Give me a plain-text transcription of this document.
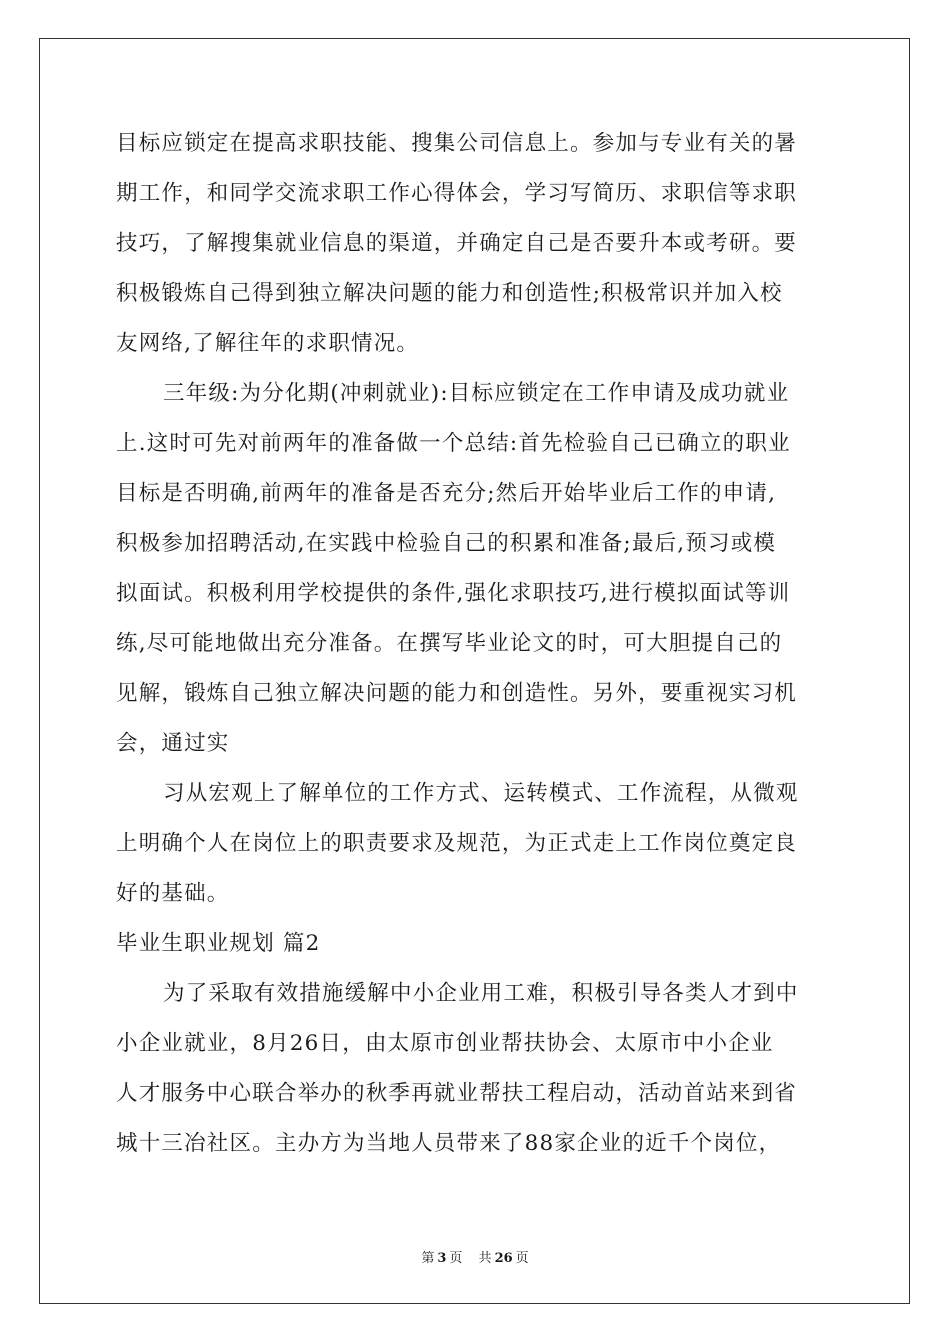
目标应锁定在提高求职技能、搜集公司信息上。参加与专业有关的暑
期工作，和同学交流求职工作心得体会，学习写简历、求职信等求职
技巧，了解搜集就业信息的渠道，并确定自己是否要升本或考研。要
积极锻炼自己得到独立解决问题的能力和创造性;积极常识并加入校
友网络,了解往年的求职情况。
三年级:为分化期(冲刺就业):目标应锁定在工作申请及成功就业
上.这时可先对前两年的准备做一个总结:首先检验自己已确立的职业
目标是否明确,前两年的准备是否充分;然后开始毕业后工作的申请,
积极参加招聘活动,在实践中检验自己的积累和准备;最后,预习或模
拟面试。积极利用学校提供的条件,强化求职技巧,进行模拟面试等训
练,尽可能地做出充分准备。在撰写毕业论文的时，可大胆提自己的
见解，锻炼自己独立解决问题的能力和创造性。另外，要重视实习机
会，通过实
习从宏观上了解单位的工作方式、运转模式、工作流程，从微观
上明确个人在岗位上的职责要求及规范，为正式走上工作岗位奠定良
好的基础。
毕业生职业规划 篇2
为了采取有效措施缓解中小企业用工难，积极引导各类人才到中
小企业就业，8月26日，由太原市创业帮扶协会、太原市中小企业
人才服务中心联合举办的秋季再就业帮扶工程启动，活动首站来到省
城十三冶社区。主办方为当地人员带来了88家企业的近千个岗位，
第 3 页 共 26 页
